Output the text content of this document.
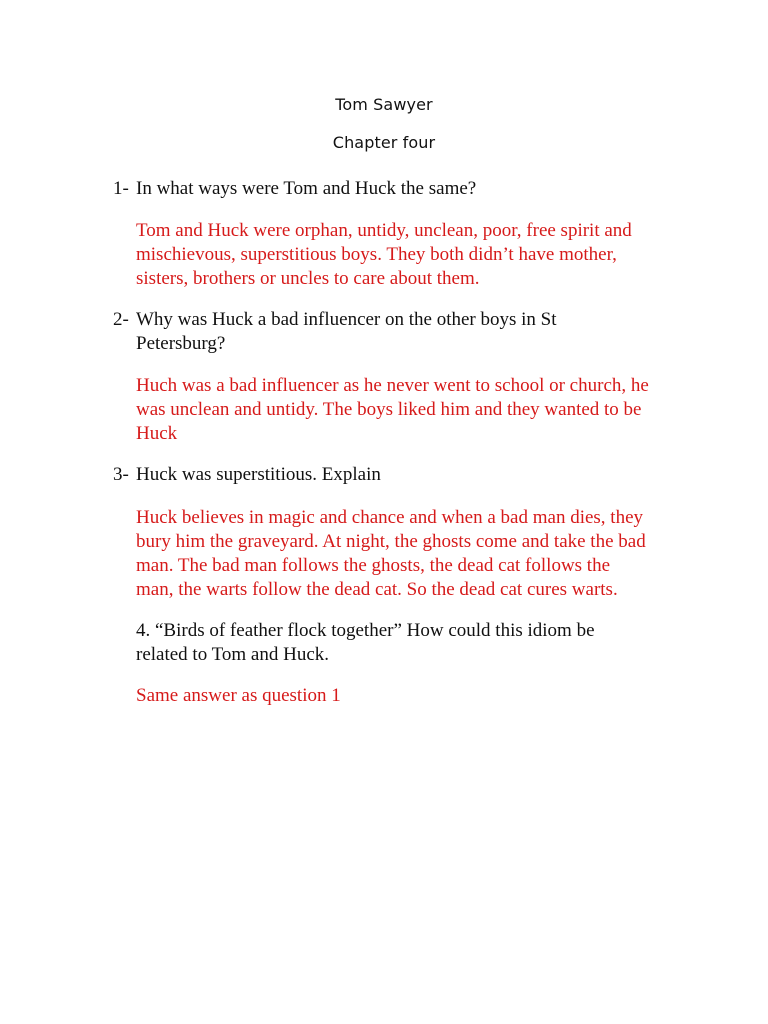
Tom Sawyer
Chapter four
1- In what ways were Tom and Huck the same?
Tom and Huck were orphan, untidy, unclean, poor, free spirit and
mischievous, superstitious boys. They both didn’t have mother,
sisters, brothers or uncles to care about them.
2- Why was Huck a bad influencer on the other boys in St
Petersburg?
Huch was a bad influencer as he never went to school or church, he
was unclean and untidy. The boys liked him and they wanted to be
Huck
3- Huck was superstitious. Explain
Huck believes in magic and chance and when a bad man dies, they
bury him the graveyard. At night, the ghosts come and take the bad
man. The bad man follows the ghosts, the dead cat follows the
man, the warts follow the dead cat. So the dead cat cures warts.
4. “Birds of feather flock together” How could this idiom be
related to Tom and Huck.
Same answer as question 1
